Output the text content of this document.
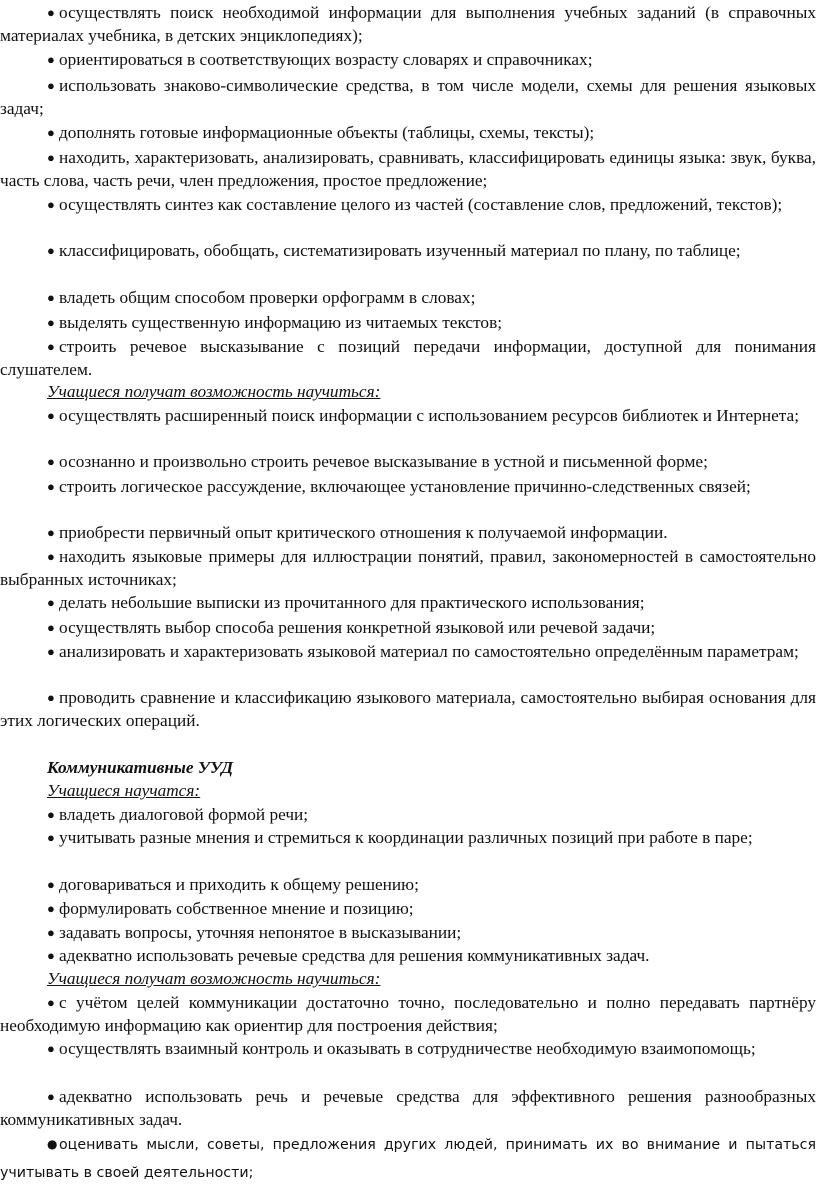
● осуществлять поиск необходимой информации для выполнения учебных заданий (в справочных материалах учебника, в детских энциклопедиях);

● ориентироваться в соответствующих возрасту словарях и справочниках;

● использовать знаково-символические средства, в том числе модели, схемы для решения языковых задач;

● дополнять готовые информационные объекты (таблицы, схемы, тексты);

● находить, характеризовать, анализировать, сравнивать, классифицировать единицы языка: звук, буква, часть слова, часть речи, член предложения, простое предложение;

● осуществлять синтез как составление целого из частей (составление слов, предложений, текстов);

● классифицировать, обобщать, систематизировать изученный материал по плану, по таблице;

● владеть общим способом проверки орфограмм в словах;

● выделять существенную информацию из читаемых текстов;

● строить речевое высказывание с позиций передачи информации, доступной для понимания слушателем.

Учащиеся получат возможность научиться:

● осуществлять расширенный поиск информации с использованием ресурсов библиотек и Интернета;

● осознанно и произвольно строить речевое высказывание в устной и письменной форме;

● строить логическое рассуждение, включающее установление причинно-следственных связей;

● приобрести первичный опыт критического отношения к получаемой информации.

● находить языковые примеры для иллюстрации понятий, правил, закономерностей в самостоятельно выбранных источниках;

● делать небольшие выписки из прочитанного для практического использования;

● осуществлять выбор способа решения конкретной языковой или речевой задачи;

● анализировать и характеризовать языковой материал по самостоятельно определённым параметрам;

● проводить сравнение и классификацию языкового материала, самостоятельно выбирая основания для этих логических операций.

Коммуникативные УУД

Учащиеся научатся:

● владеть диалоговой формой речи;

● учитывать разные мнения и стремиться к координации различных позиций при работе в паре;

● договариваться и приходить к общему решению;

● формулировать собственное мнение и позицию;

● задавать вопросы, уточняя непонятое в высказывании;

● адекватно использовать речевые средства для решения коммуникативных задач.

Учащиеся получат возможность научиться:

● с учётом целей коммуникации достаточно точно, последовательно и полно передавать партнёру необходимую информацию как ориентир для построения действия;

● осуществлять взаимный контроль и оказывать в сотрудничестве необходимую взаимопомощь;

● адекватно использовать речь и речевые средства для эффективного решения разнообразных коммуникативных задач.

● оценивать мысли, советы, предложения других людей, принимать их во внимание и пытаться учитывать в своей деятельности;
